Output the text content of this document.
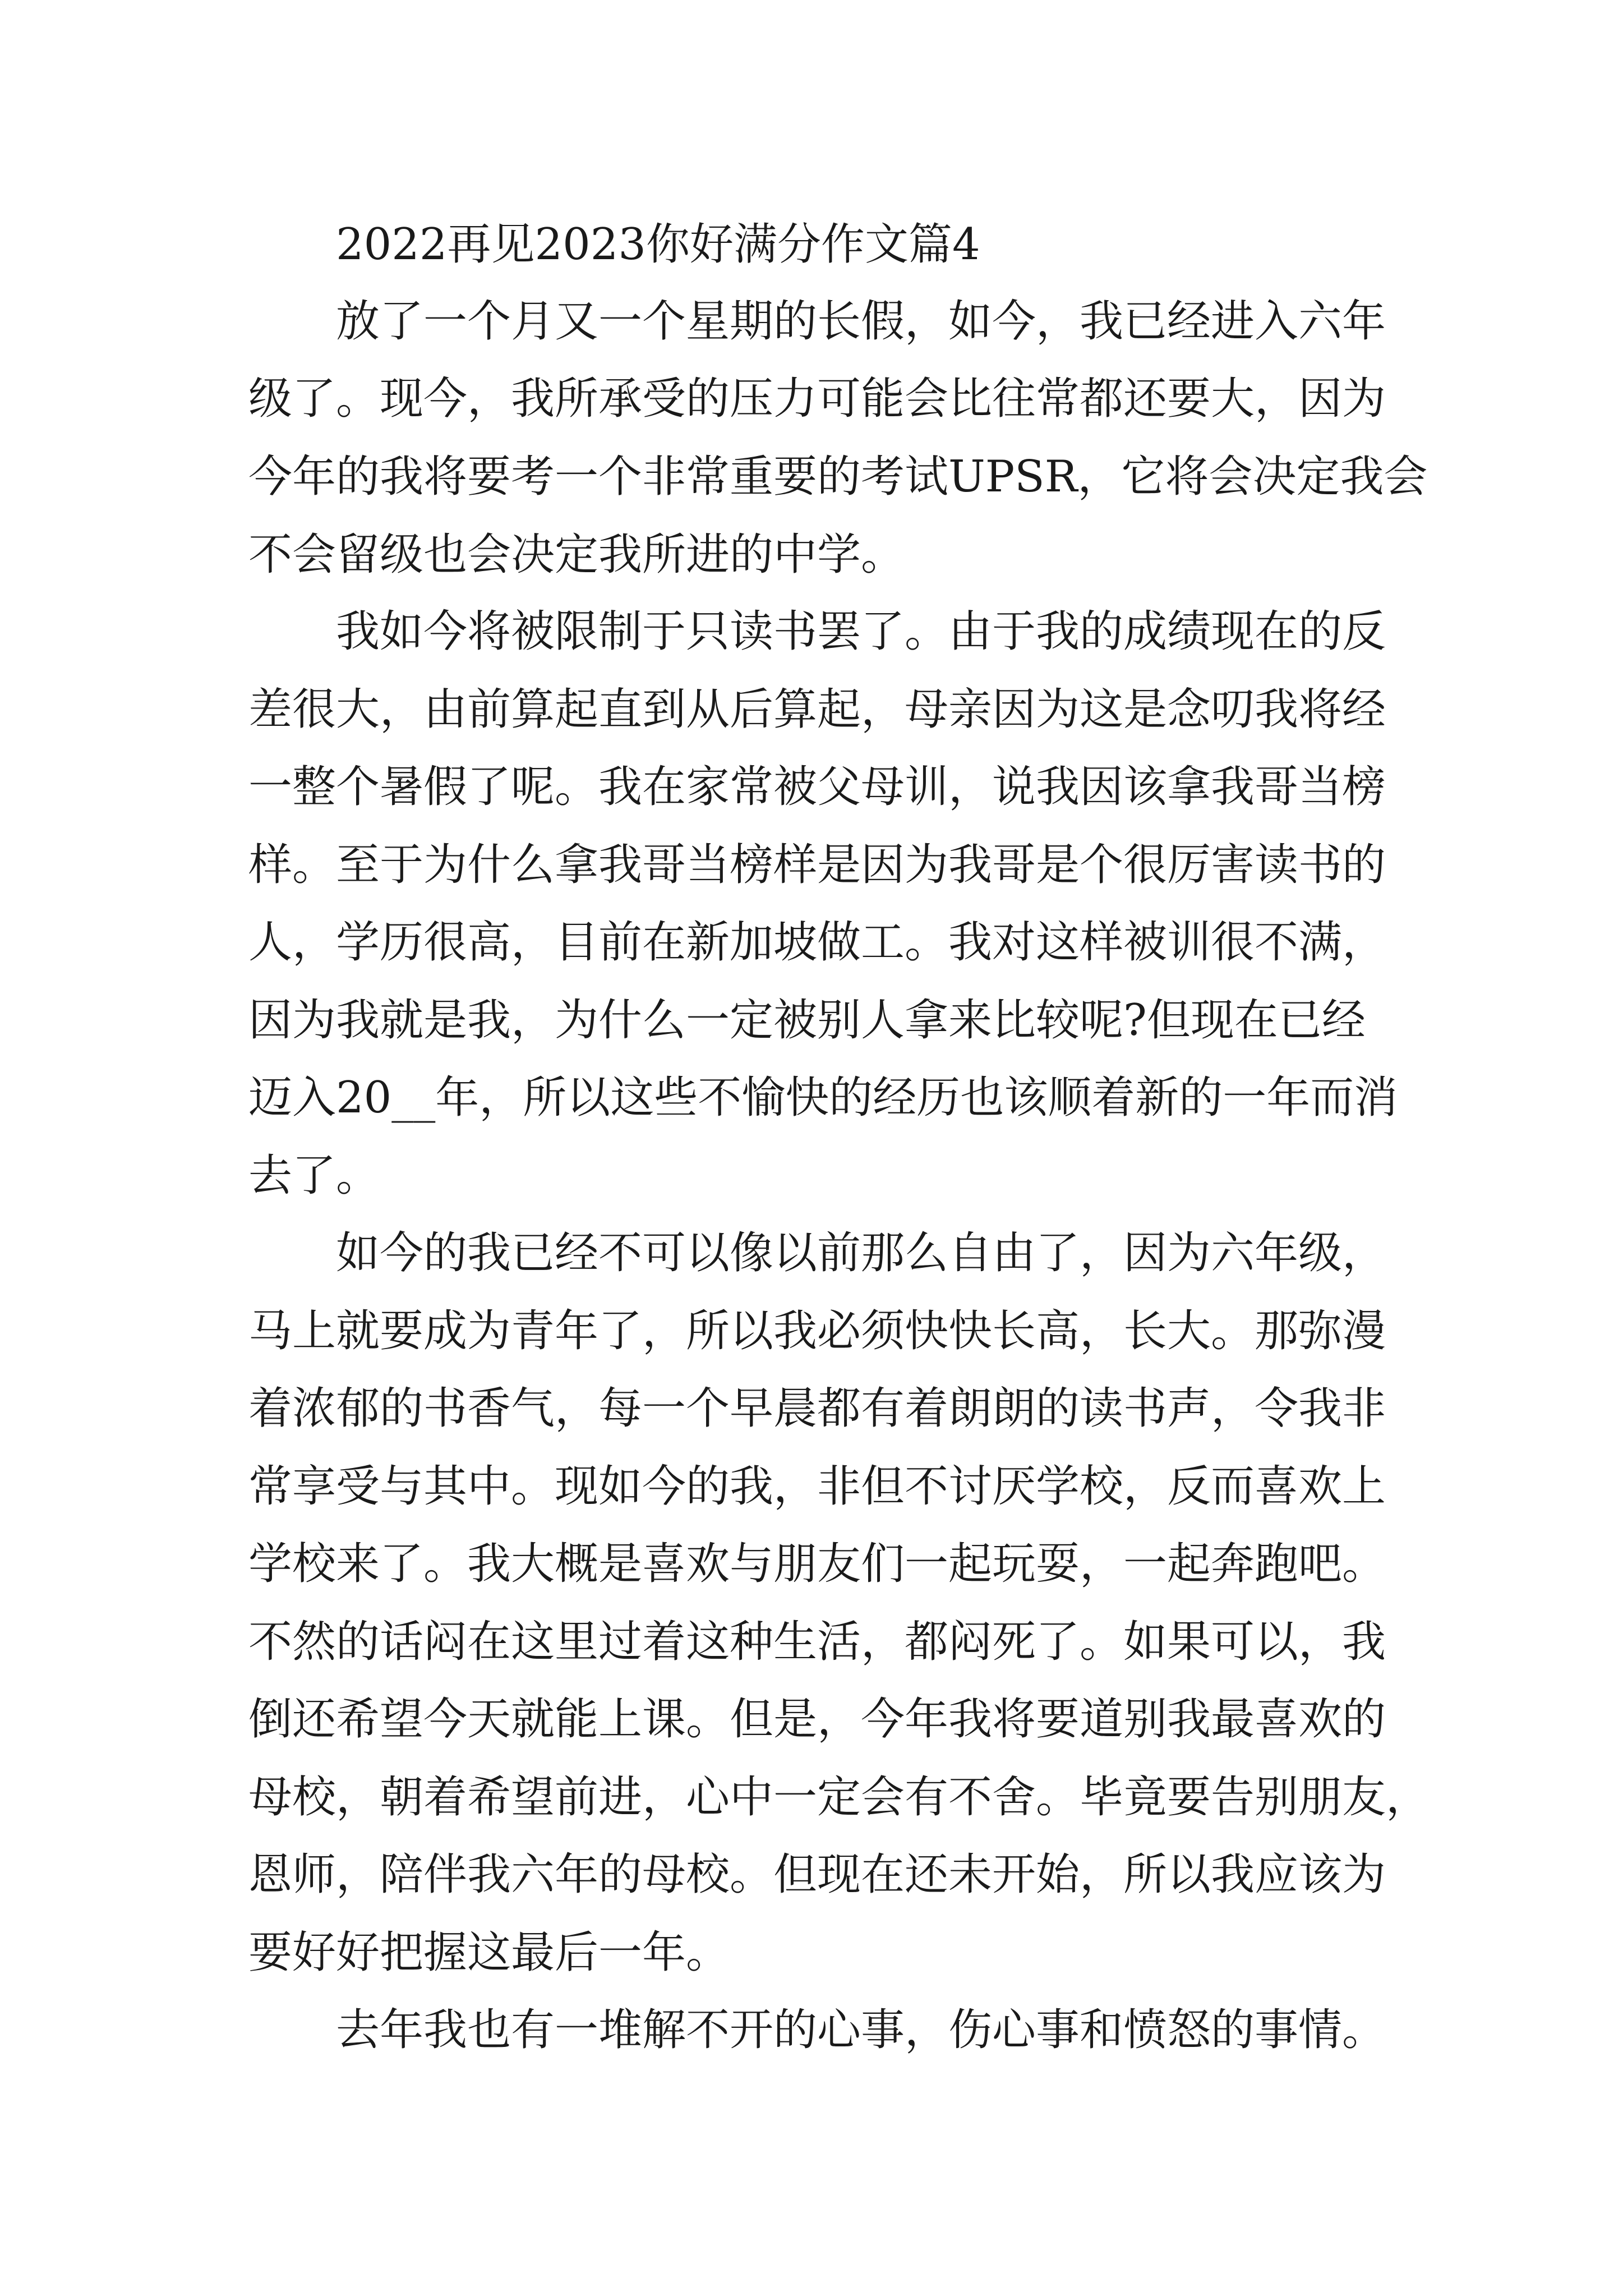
2022再见2023你好满分作文篇4
放了一个月又一个星期的长假，如今，我已经进入六年
级了。现今，我所承受的压力可能会比往常都还要大，因为
今年的我将要考一个非常重要的考试UPSR，它将会决定我会
不会留级也会决定我所进的中学。
我如今将被限制于只读书罢了。由于我的成绩现在的反
差很大，由前算起直到从后算起，母亲因为这是念叨我将经
一整个暑假了呢。我在家常被父母训，说我因该拿我哥当榜
样。至于为什么拿我哥当榜样是因为我哥是个很厉害读书的
人，学历很高，目前在新加坡做工。我对这样被训很不满，
因为我就是我，为什么一定被别人拿来比较呢?但现在已经
迈入20__年，所以这些不愉快的经历也该顺着新的一年而消
去了。
如今的我已经不可以像以前那么自由了，因为六年级，
马上就要成为青年了，所以我必须快快长高，长大。那弥漫
着浓郁的书香气，每一个早晨都有着朗朗的读书声，令我非
常享受与其中。现如今的我，非但不讨厌学校，反而喜欢上
学校来了。我大概是喜欢与朋友们一起玩耍，一起奔跑吧。
不然的话闷在这里过着这种生活，都闷死了。如果可以，我
倒还希望今天就能上课。但是，今年我将要道别我最喜欢的
母校，朝着希望前进，心中一定会有不舍。毕竟要告别朋友，
恩师，陪伴我六年的母校。但现在还未开始，所以我应该为
要好好把握这最后一年。
去年我也有一堆解不开的心事，伤心事和愤怒的事情。
